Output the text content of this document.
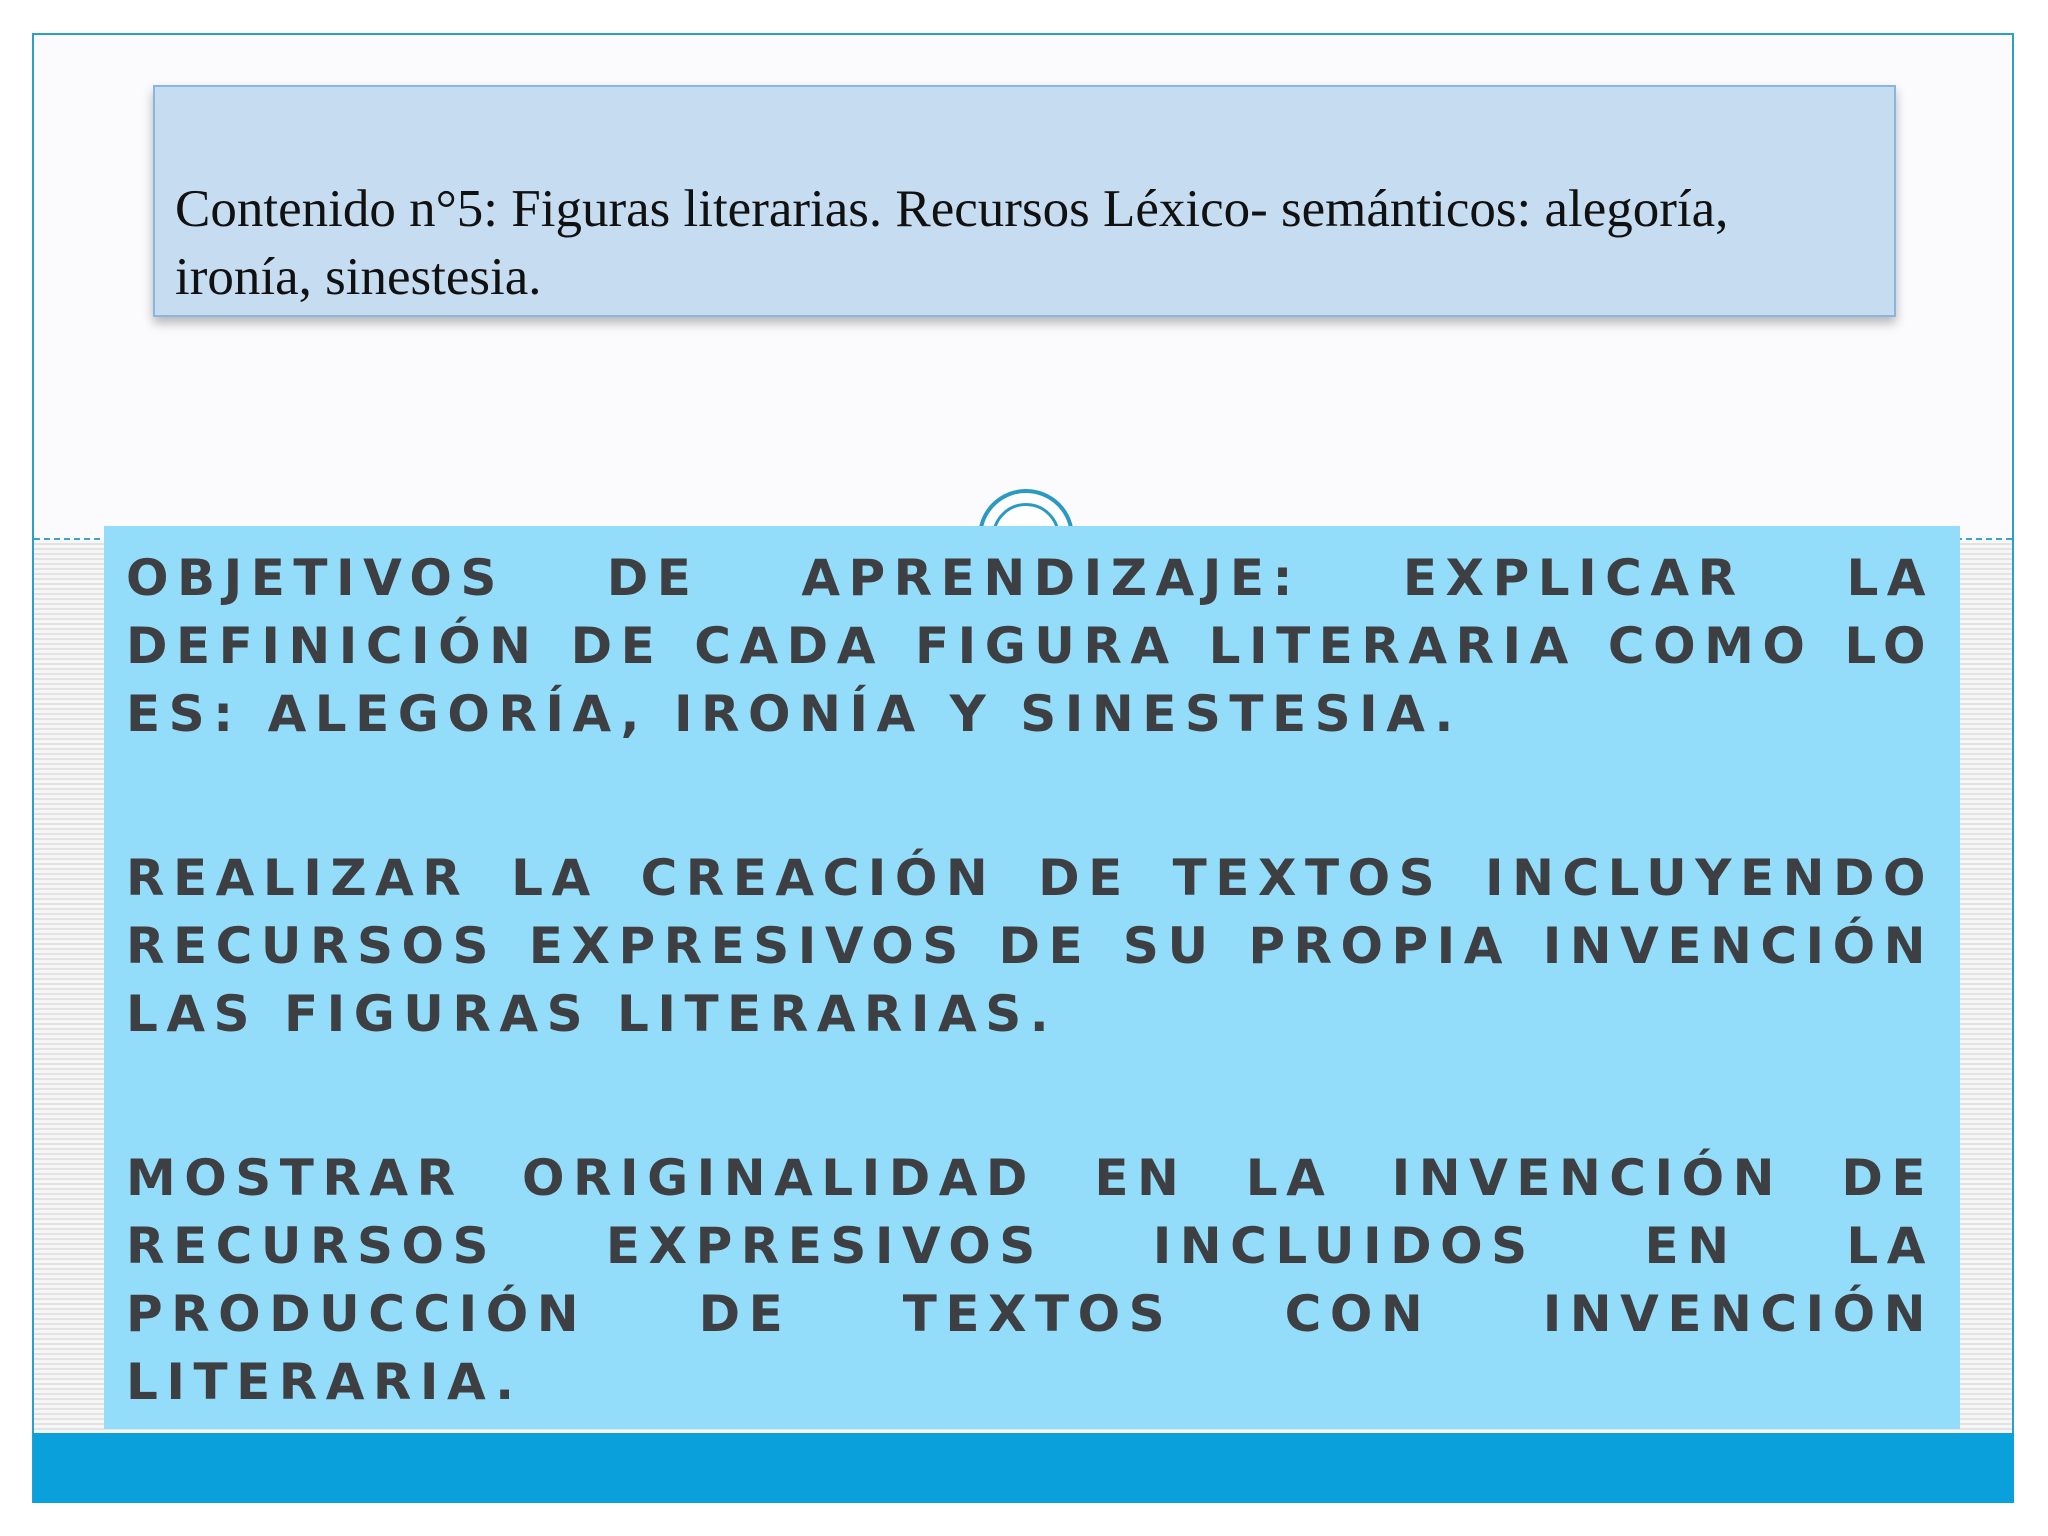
Contenido n°5: Figuras literarias. Recursos Léxico- semánticos: alegoría, ironía, sinestesia.

OBJETIVOS DE APRENDIZAJE: EXPLICAR LA DEFINICIÓN DE CADA FIGURA LITERARIA COMO LO ES: ALEGORÍA, IRONÍA Y SINESTESIA.

REALIZAR LA CREACIÓN DE TEXTOS INCLUYENDO RECURSOS EXPRESIVOS DE SU PROPIA INVENCIÓN LAS FIGURAS LITERARIAS.

MOSTRAR ORIGINALIDAD EN LA INVENCIÓN DE RECURSOS EXPRESIVOS INCLUIDOS EN LA PRODUCCIÓN DE TEXTOS CON INVENCIÓN LITERARIA.
